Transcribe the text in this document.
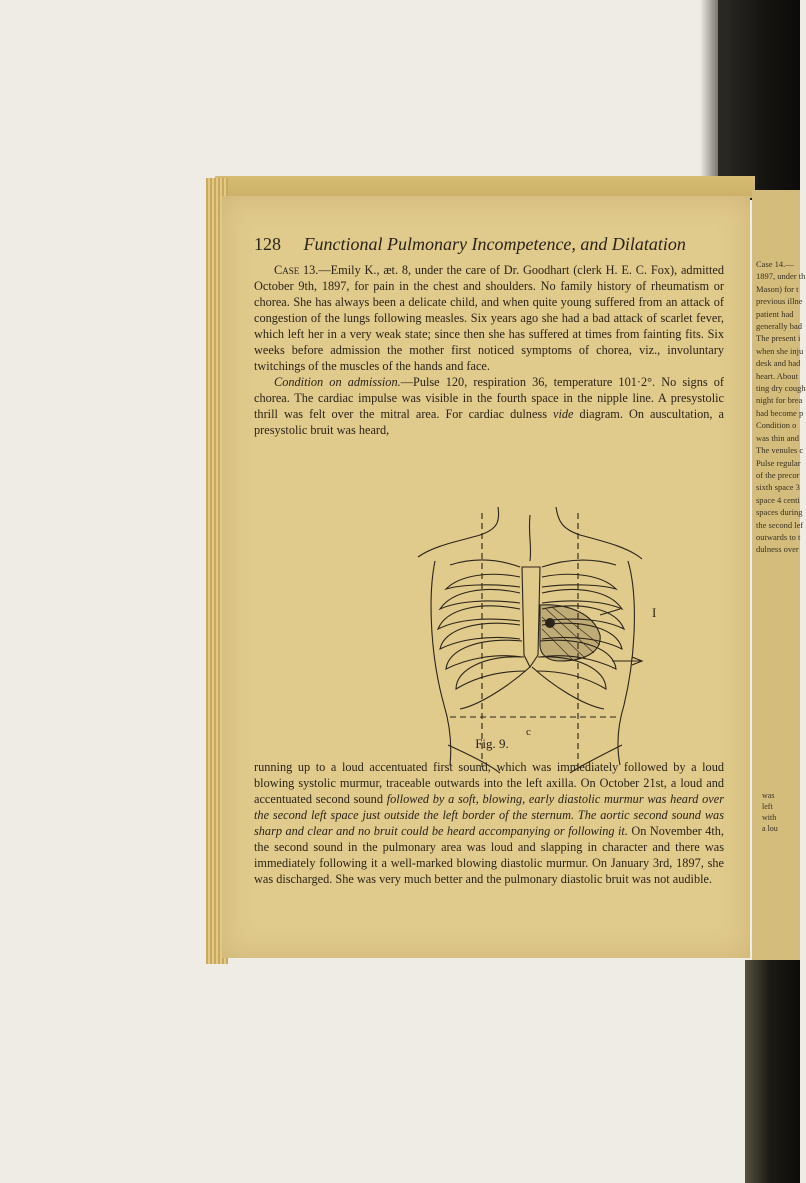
Case 14.—
1897, under th
Mason) for t
previous illne
patient had
generally bad
The present i
when she inju
desk and had
heart. About
ting dry cough
night for brea
had become p
Condition o
was thin and
The venules c
Pulse regular
of the precor
sixth space 3
space 4 centi
spaces during
the second lef
outwards to t
dulness over
was
left
with
a lou
128 Functional Pulmonary Incompetence, and Dilatation
Case 13.—Emily K., æt. 8, under the care of Dr. Goodhart (clerk H. E. C. Fox), admitted October 9th, 1897, for pain in the chest and shoulders. No family history of rheumatism or chorea. She has always been a delicate child, and when quite young suffered from an attack of congestion of the lungs following measles. Six years ago she had a bad attack of scarlet fever, which left her in a very weak state; since then she has suffered at times from fainting fits. Six weeks before admission the mother first noticed symptoms of chorea, viz., involuntary twitchings of the muscles of the hands and face.
Condition on admission.—Pulse 120, respiration 36, temperature 101·2°. No signs of chorea. The cardiac impulse was visible in the fourth space in the nipple line. A presystolic thrill was felt over the mitral area. For cardiac dulness vide diagram. On auscultation, a presystolic bruit was heard,
I
c
Fig. 9.
running up to a loud accentuated first sound, which was immediately followed by a loud blowing systolic murmur, traceable outwards into the left axilla. On October 21st, a loud and accentuated second sound followed by a soft, blowing, early diastolic murmur was heard over the second left space just outside the left border of the sternum. The aortic second sound was sharp and clear and no bruit could be heard accompanying or following it. On November 4th, the second sound in the pulmonary area was loud and slapping in character and there was immediately following it a well-marked blowing diastolic murmur. On January 3rd, 1897, she was discharged. She was very much better and the pulmonary diastolic bruit was not audible.
